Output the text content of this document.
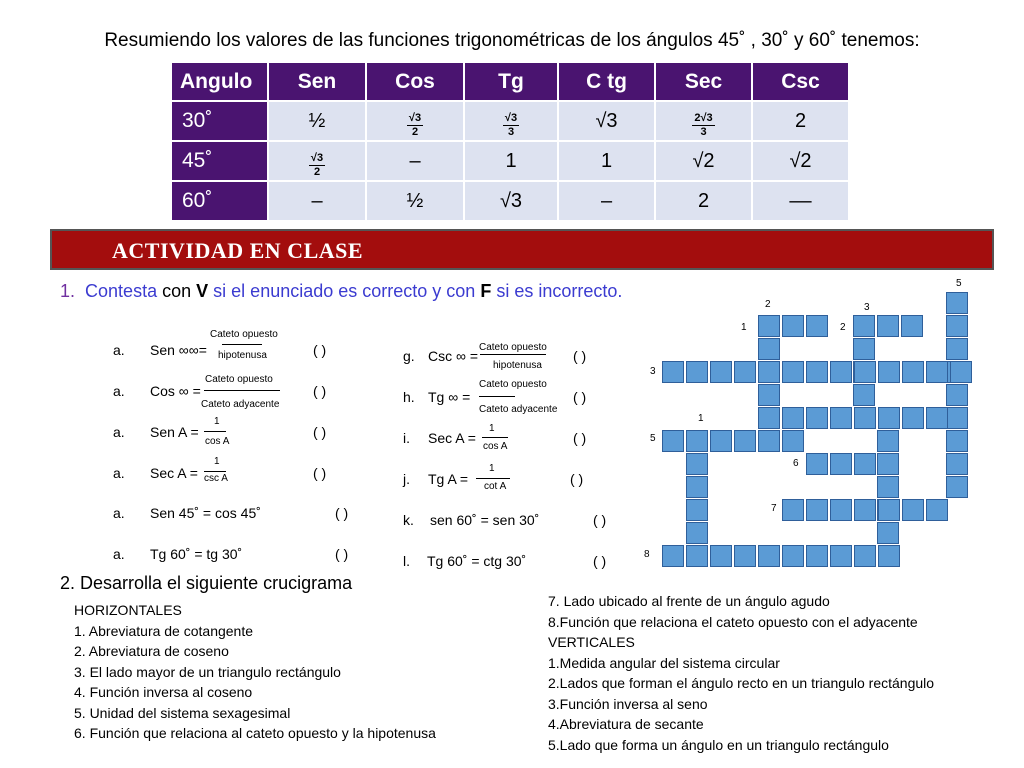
Resumiendo los valores de las funciones trigonométricas de los ángulos 45˚ , 30˚ y 60˚ tenemos:
Angulo	Sen	Cos	Tg	C tg	Sec	Csc
30˚	½	$\frac{√3}{2}$	$\frac{√3}{3}$	√3	$\frac{2√3}{3}$	2
45˚	$\frac{√3}{2}$	–	1	1	√2	√2
60˚	–	½	√3	–	2	––
ACTIVIDAD EN CLASE
1. Contesta con V si el enunciado es correcto y con F si es incorrecto.
a. Sen ∞∞=
Cateto opuesto
hipotenusa	( )
a. Cos ∞ =
Cateto opuesto
Cateto adyacente
( )
a. Sen A =
1
cos A
( )
a. Sec A =
1
csc A	( )
a. Sen 45˚ = cos 45˚	( )
a. Tg 60˚ = tg 30˚	( )
g. Csc ∞ =
Cateto opuesto
hipotenusa
( )
h. Tg ∞ =
Cateto opuesto
Cateto adyacente
( )
i. Sec A =
1
cos A
( )
j. Tg A =
1
cot A	( )
k. sen 60˚ = sen 30˚	( )
l. Tg 60˚ = ctg 30˚	( )
2. Desarrolla el siguiente crucigrama
HORIZONTALES
1. Abreviatura de cotangente
2. Abreviatura de coseno
3. El lado mayor de un triangulo rectángulo
4. Función inversa al coseno
5. Unidad del sistema sexagesimal
6. Función que relaciona al cateto opuesto y la hipotenusa
7. Lado ubicado al frente de un ángulo agudo
8.Función que relaciona el cateto opuesto con el adyacente
VERTICALES
1.Medida angular del sistema circular
2.Lados que forman el ángulo recto en un triangulo rectángulo
3.Función inversa al seno
4.Abreviatura de secante
5.Lado que forma un ángulo en un triangulo rectángulo
5
2	3
1	2
3
1
5
6
7
8
